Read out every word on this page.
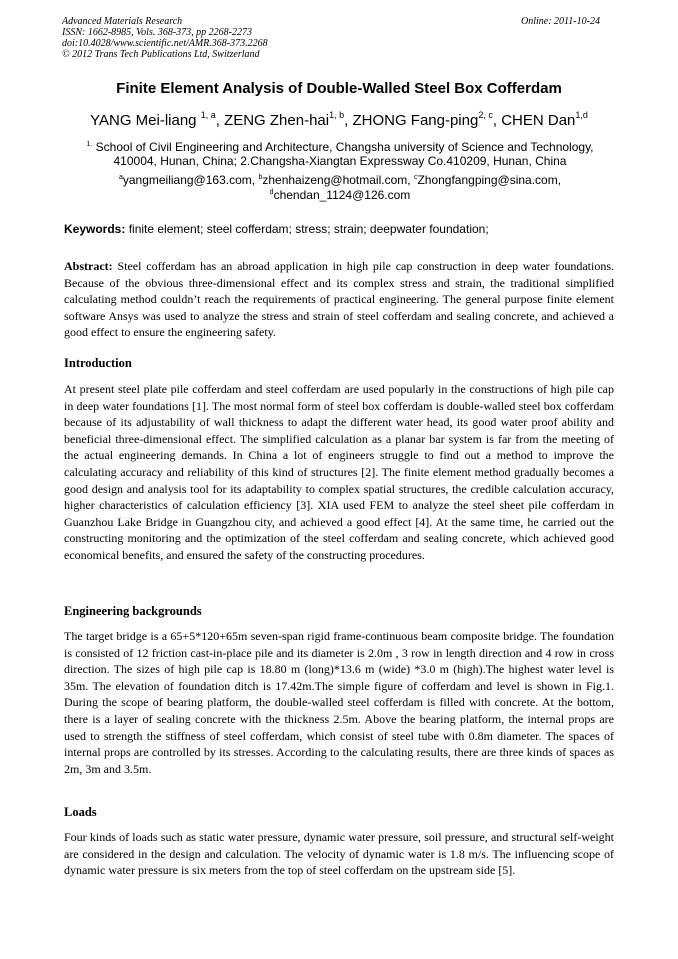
Advanced Materials Research
ISSN: 1662-8985, Vols. 368-373, pp 2268-2273
doi:10.4028/www.scientific.net/AMR.368-373.2268
© 2012 Trans Tech Publications Ltd, Switzerland
Online: 2011-10-24
Finite Element Analysis of Double-Walled Steel Box Cofferdam
YANG Mei-liang $^{1, a}$, ZENG Zhen-hai$^{1, b}$, ZHONG Fang-ping$^{2, c}$, CHEN Dan$^{1,d}$
$^{1.}$ School of Civil Engineering and Architecture, Changsha university of Science and Technology,
410004, Hunan, China; 2.Changsha-Xiangtan Expressway Co.410209, Hunan, China
$^a$yangmeiliang@163.com, $^b$zhenhaizeng@hotmail.com, $^c$Zhongfangping@sina.com,
$^d$chendan_1124@126.com
Keywords: finite element; steel cofferdam; stress; strain; deepwater foundation;
Abstract: Steel cofferdam has an abroad application in high pile cap construction in deep water foundations. Because of the obvious three-dimensional effect and its complex stress and strain, the traditional simplified calculating method couldn’t reach the requirements of practical engineering. The general purpose finite element software Ansys was used to analyze the stress and strain of steel cofferdam and sealing concrete, and achieved a good effect to ensure the engineering safety.
Introduction
At present steel plate pile cofferdam and steel cofferdam are used popularly in the constructions of high pile cap in deep water foundations [1]. The most normal form of steel box cofferdam is double-walled steel box cofferdam because of its adjustability of wall thickness to adapt the different water head, its good water proof ability and beneficial three-dimensional effect. The simplified calculation as a planar bar system is far from the meeting of the actual engineering demands. In China a lot of engineers struggle to find out a method to improve the calculating accuracy and reliability of this kind of structures [2]. The finite element method gradually becomes a good design and analysis tool for its adaptability to complex spatial structures, the credible calculation accuracy, higher characteristics of calculation efficiency [3]. XIA used FEM to analyze the steel sheet pile cofferdam in Guanzhou Lake Bridge in Guangzhou city, and achieved a good effect [4]. At the same time, he carried out the constructing monitoring and the optimization of the steel cofferdam and sealing concrete, which achieved good economical benefits, and ensured the safety of the constructing procedures.
Engineering backgrounds
The target bridge is a 65+5*120+65m seven-span rigid frame-continuous beam composite bridge. The foundation is consisted of 12 friction cast-in-place pile and its diameter is 2.0m , 3 row in length direction and 4 row in cross direction. The sizes of high pile cap is 18.80 m (long)*13.6 m (wide) *3.0 m (high).The highest water level is 35m. The elevation of foundation ditch is 17.42m.The simple figure of cofferdam and level is shown in Fig.1. During the scope of bearing platform, the double-walled steel cofferdam is filled with concrete. At the bottom, there is a layer of sealing concrete with the thickness 2.5m. Above the bearing platform, the internal props are used to strength the stiffness of steel cofferdam, which consist of steel tube with 0.8m diameter. The spaces of internal props are controlled by its stresses. According to the calculating results, there are three kinds of spaces as 2m, 3m and 3.5m.
Loads
Four kinds of loads such as static water pressure, dynamic water pressure, soil pressure, and structural self-weight are considered in the design and calculation. The velocity of dynamic water is 1.8 m/s. The influencing scope of dynamic water pressure is six meters from the top of steel cofferdam on the upstream side [5].
